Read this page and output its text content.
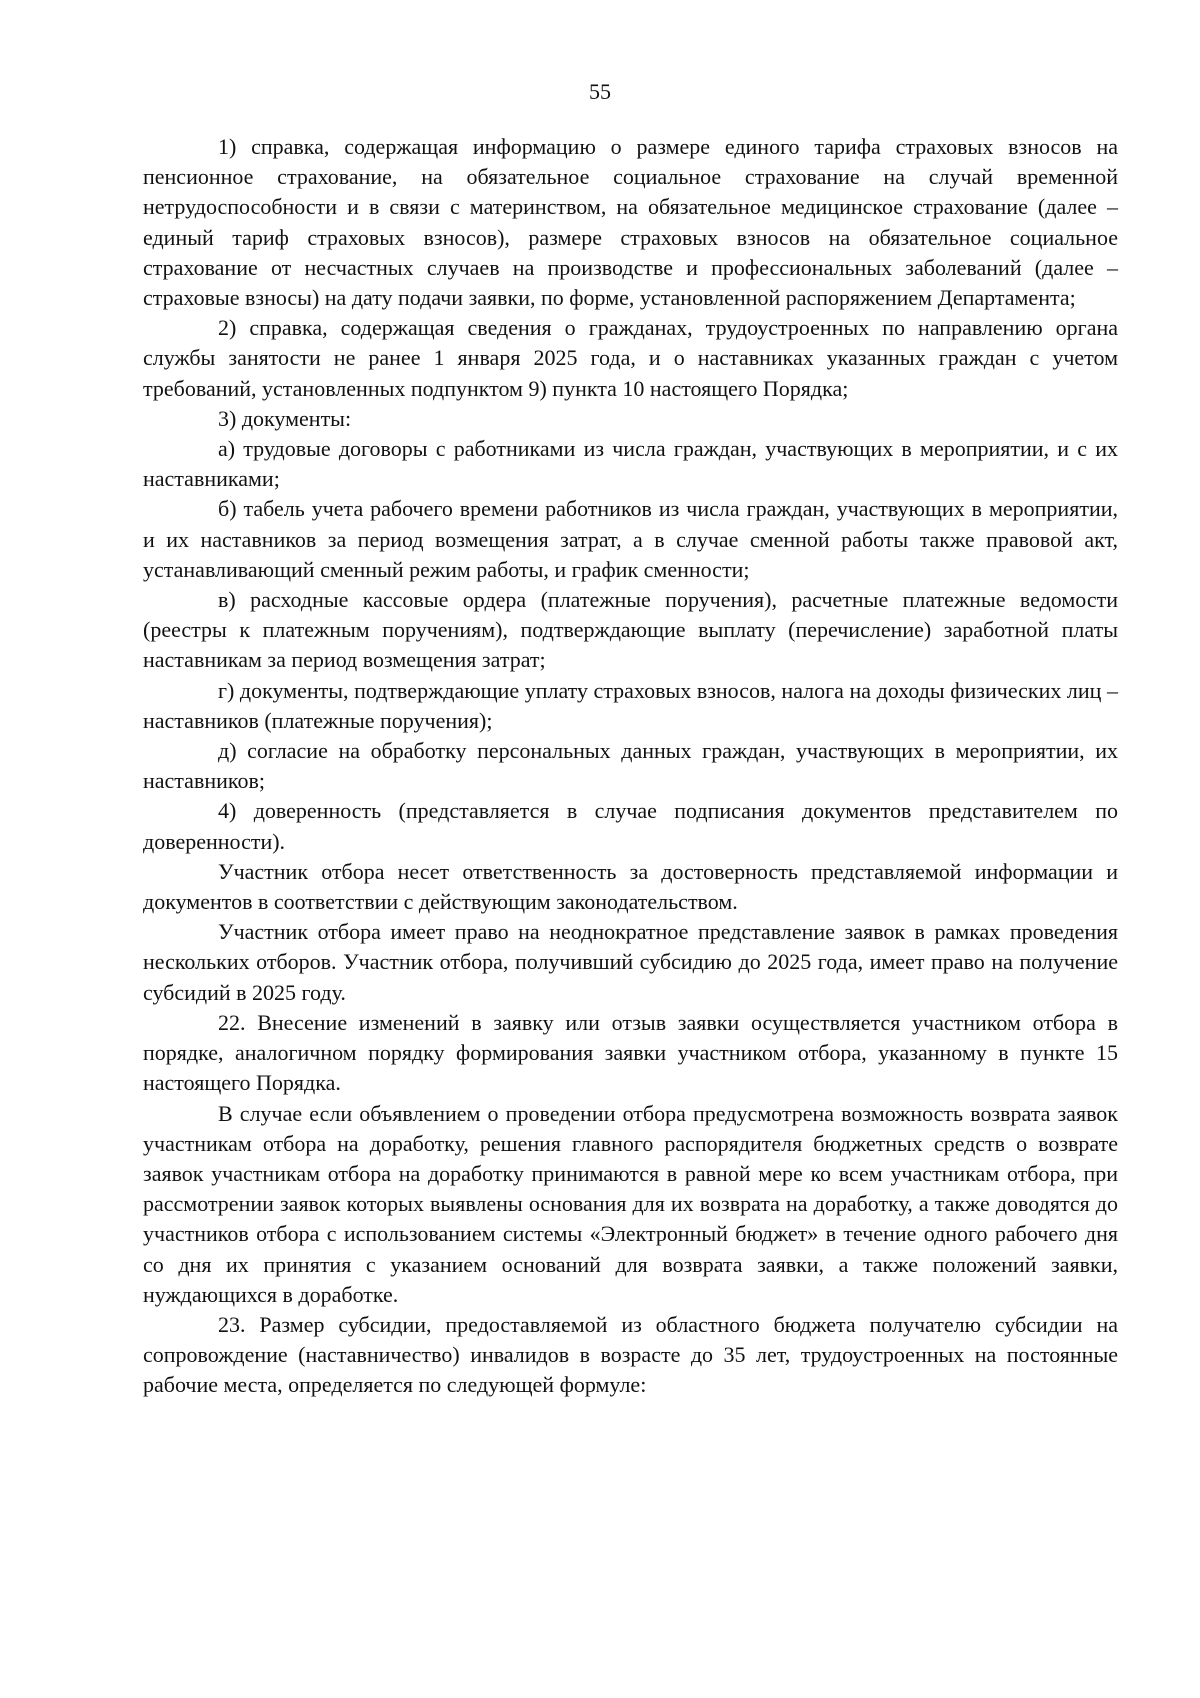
55

1) справка, содержащая информацию о размере единого тарифа страховых взносов на пенсионное страхование, на обязательное социальное страхование на случай временной нетрудоспособности и в связи с материнством, на обязательное медицинское страхование (далее – единый тариф страховых взносов), размере страховых взносов на обязательное социальное страхование от несчастных случаев на производстве и профессиональных заболеваний (далее – страховые взносы) на дату подачи заявки, по форме, установленной распоряжением Департамента;

2) справка, содержащая сведения о гражданах, трудоустроенных по направлению органа службы занятости не ранее 1 января 2025 года, и о наставниках указанных граждан с учетом требований, установленных подпунктом 9) пункта 10 настоящего Порядка;

3) документы:

а) трудовые договоры с работниками из числа граждан, участвующих в мероприятии, и с их наставниками;

б) табель учета рабочего времени работников из числа граждан, участвующих в мероприятии, и их наставников за период возмещения затрат, а в случае сменной работы также правовой акт, устанавливающий сменный режим работы, и график сменности;

в) расходные кассовые ордера (платежные поручения), расчетные платежные ведомости (реестры к платежным поручениям), подтверждающие выплату (перечисление) заработной платы наставникам за период возмещения затрат;

г) документы, подтверждающие уплату страховых взносов, налога на доходы физических лиц – наставников (платежные поручения);

д) согласие на обработку персональных данных граждан, участвующих в мероприятии, их наставников;

4) доверенность (представляется в случае подписания документов представителем по доверенности).

Участник отбора несет ответственность за достоверность представляемой информации и документов в соответствии с действующим законодательством.

Участник отбора имеет право на неоднократное представление заявок в рамках проведения нескольких отборов. Участник отбора, получивший субсидию до 2025 года, имеет право на получение субсидий в 2025 году.

22. Внесение изменений в заявку или отзыв заявки осуществляется участником отбора в порядке, аналогичном порядку формирования заявки участником отбора, указанному в пункте 15 настоящего Порядка.

В случае если объявлением о проведении отбора предусмотрена возможность возврата заявок участникам отбора на доработку, решения главного распорядителя бюджетных средств о возврате заявок участникам отбора на доработку принимаются в равной мере ко всем участникам отбора, при рассмотрении заявок которых выявлены основания для их возврата на доработку, а также доводятся до участников отбора с использованием системы «Электронный бюджет» в течение одного рабочего дня со дня их принятия с указанием оснований для возврата заявки, а также положений заявки, нуждающихся в доработке.

23. Размер субсидии, предоставляемой из областного бюджета получателю субсидии на сопровождение (наставничество) инвалидов в возрасте до 35 лет, трудоустроенных на постоянные рабочие места, определяется по следующей формуле:
